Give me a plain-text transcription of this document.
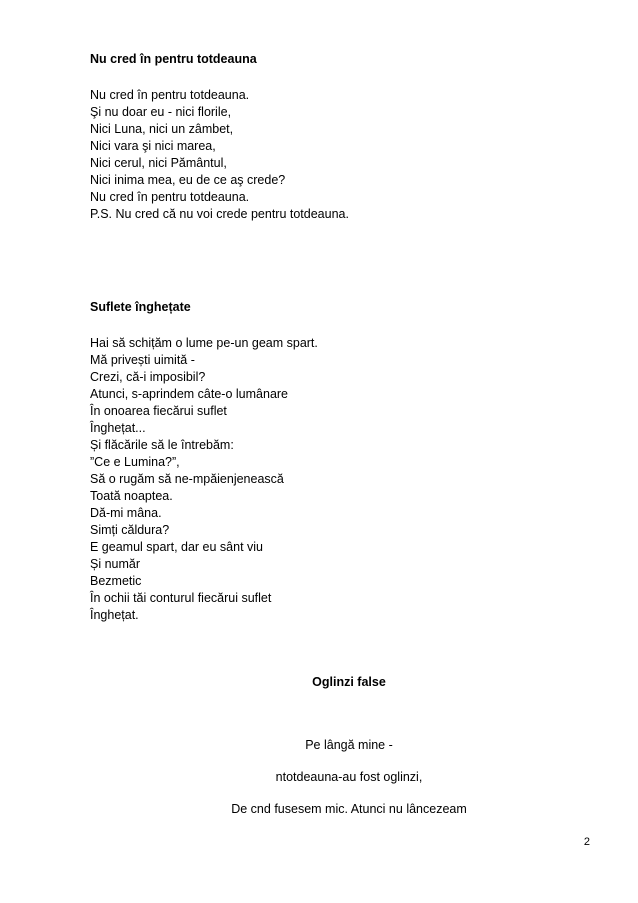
Nu cred în pentru totdeauna
Nu cred în pentru totdeauna.
Şi nu doar eu - nici florile,
Nici Luna, nici un zâmbet,
Nici vara şi nici marea,
Nici cerul, nici Pământul,
Nici inima mea, eu de ce aş crede?
Nu cred în pentru totdeauna.
P.S. Nu cred că nu voi crede pentru totdeauna.
Suflete înghețate
Hai să schițăm o lume pe-un geam spart.
Mă privești uimită -
Crezi, că-i imposibil?
Atunci, s-aprindem câte-o lumânare
În onoarea fiecărui suflet
Înghețat...
Și flăcările să le întrebăm:
”Ce e Lumina?”,
Să o rugăm să ne-mpăienjenească
Toată noaptea.
Dă-mi mâna.
Simți căldura?
E geamul spart, dar eu sânt viu
Și număr
Bezmetic
În ochii tăi conturul fiecărui suflet
Înghețat.
Oglinzi false
Pe lângă mine -
ntotdeauna-au fost oglinzi,
De cnd fusesem mic. Atunci nu lâncezeam
2
